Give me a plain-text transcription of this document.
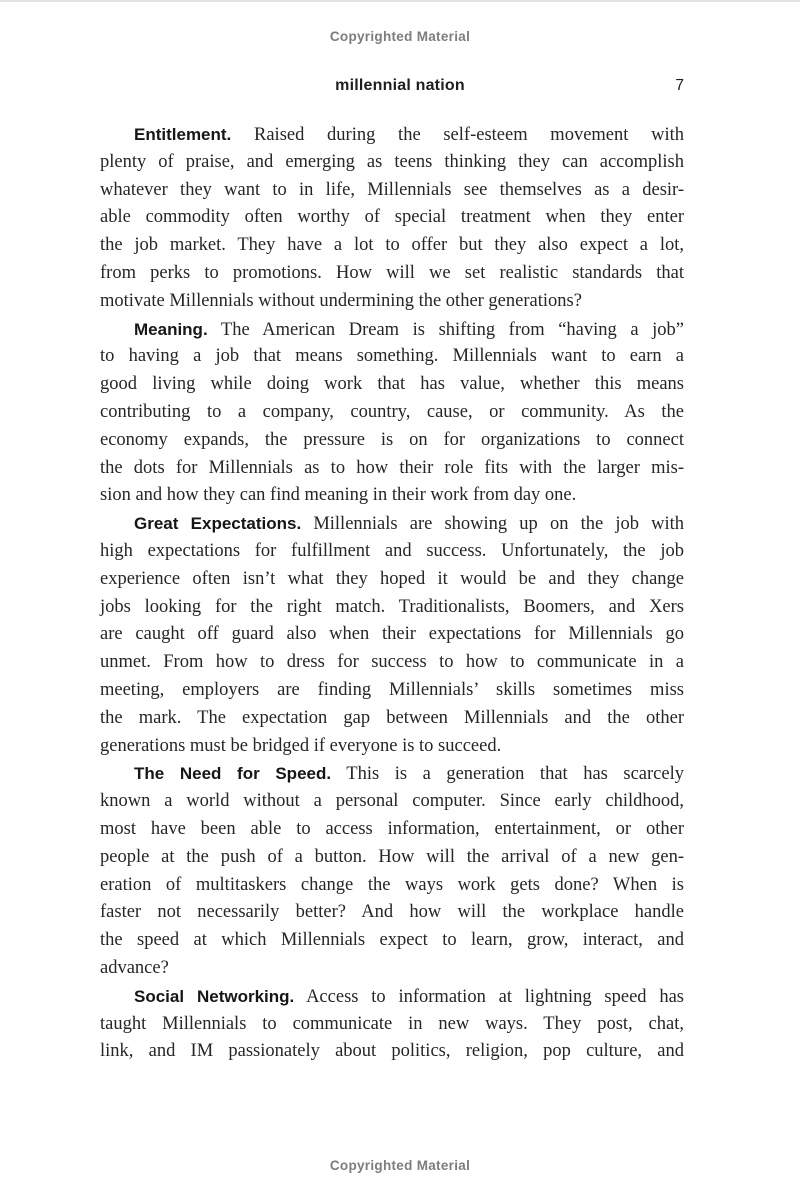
Copyrighted Material
millennial nation	7
Entitlement. Raised during the self-esteem movement with
plenty of praise, and emerging as teens thinking they can accomplish
whatever they want to in life, Millennials see themselves as a desir-
able commodity often worthy of special treatment when they enter
the job market. They have a lot to offer but they also expect a lot,
from perks to promotions. How will we set realistic standards that
motivate Millennials without undermining the other generations?
Meaning. The American Dream is shifting from “having a job”
to having a job that means something. Millennials want to earn a
good living while doing work that has value, whether this means
contributing to a company, country, cause, or community. As the
economy expands, the pressure is on for organizations to connect
the dots for Millennials as to how their role fits with the larger mis-
sion and how they can find meaning in their work from day one.
Great Expectations. Millennials are showing up on the job with
high expectations for fulfillment and success. Unfortunately, the job
experience often isn’t what they hoped it would be and they change
jobs looking for the right match. Traditionalists, Boomers, and Xers
are caught off guard also when their expectations for Millennials go
unmet. From how to dress for success to how to communicate in a
meeting, employers are finding Millennials’ skills sometimes miss
the mark. The expectation gap between Millennials and the other
generations must be bridged if everyone is to succeed.
The Need for Speed. This is a generation that has scarcely
known a world without a personal computer. Since early childhood,
most have been able to access information, entertainment, or other
people at the push of a button. How will the arrival of a new gen-
eration of multitaskers change the ways work gets done? When is
faster not necessarily better? And how will the workplace handle
the speed at which Millennials expect to learn, grow, interact, and
advance?
Social Networking. Access to information at lightning speed has
taught Millennials to communicate in new ways. They post, chat,
link, and IM passionately about politics, religion, pop culture, and
Copyrighted Material
